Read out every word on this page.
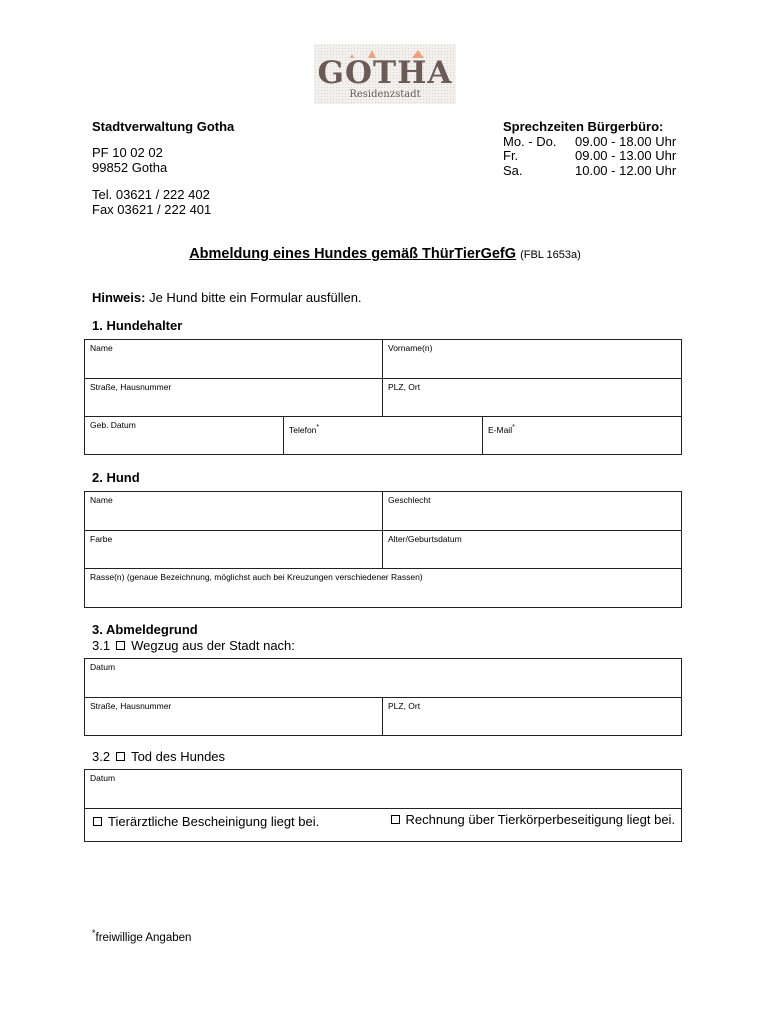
GOTHA
Residenzstadt
Stadtverwaltung Gotha
PF 10 02 02
99852 Gotha
Tel. 03621 / 222 402
Fax 03621 / 222 401
Sprechzeiten Bürgerbüro:
Mo. - Do.	09.00 - 18.00 Uhr
Fr.	09.00 - 13.00 Uhr
Sa.	10.00 - 12.00 Uhr
Abmeldung eines Hundes gemäß ThürTierGefG (FBL 1653a)
Hinweis: Je Hund bitte ein Formular ausfüllen.
1. Hundehalter
Name		Vorname(n)	

Straße, Hausnummer		PLZ, Ort	

Geb. Datum	Telefon*		E-Mail*
2. Hund
Name	Geschlecht

Farbe	Alter/Geburtsdatum

Rasse(n) (genaue Bezeichnung, möglichst auch bei Kreuzungen verschiedener Rassen)	
3. Abmeldegrund
3.1 Wegzug aus der Stadt nach:
Datum

Straße, Hausnummer	PLZ, Ort
3.2 Tod des Hundes
Datum

Tierärztliche Bescheinigung liegt bei.	Rechnung über Tierkörperbeseitigung liegt bei.
*freiwillige Angaben
